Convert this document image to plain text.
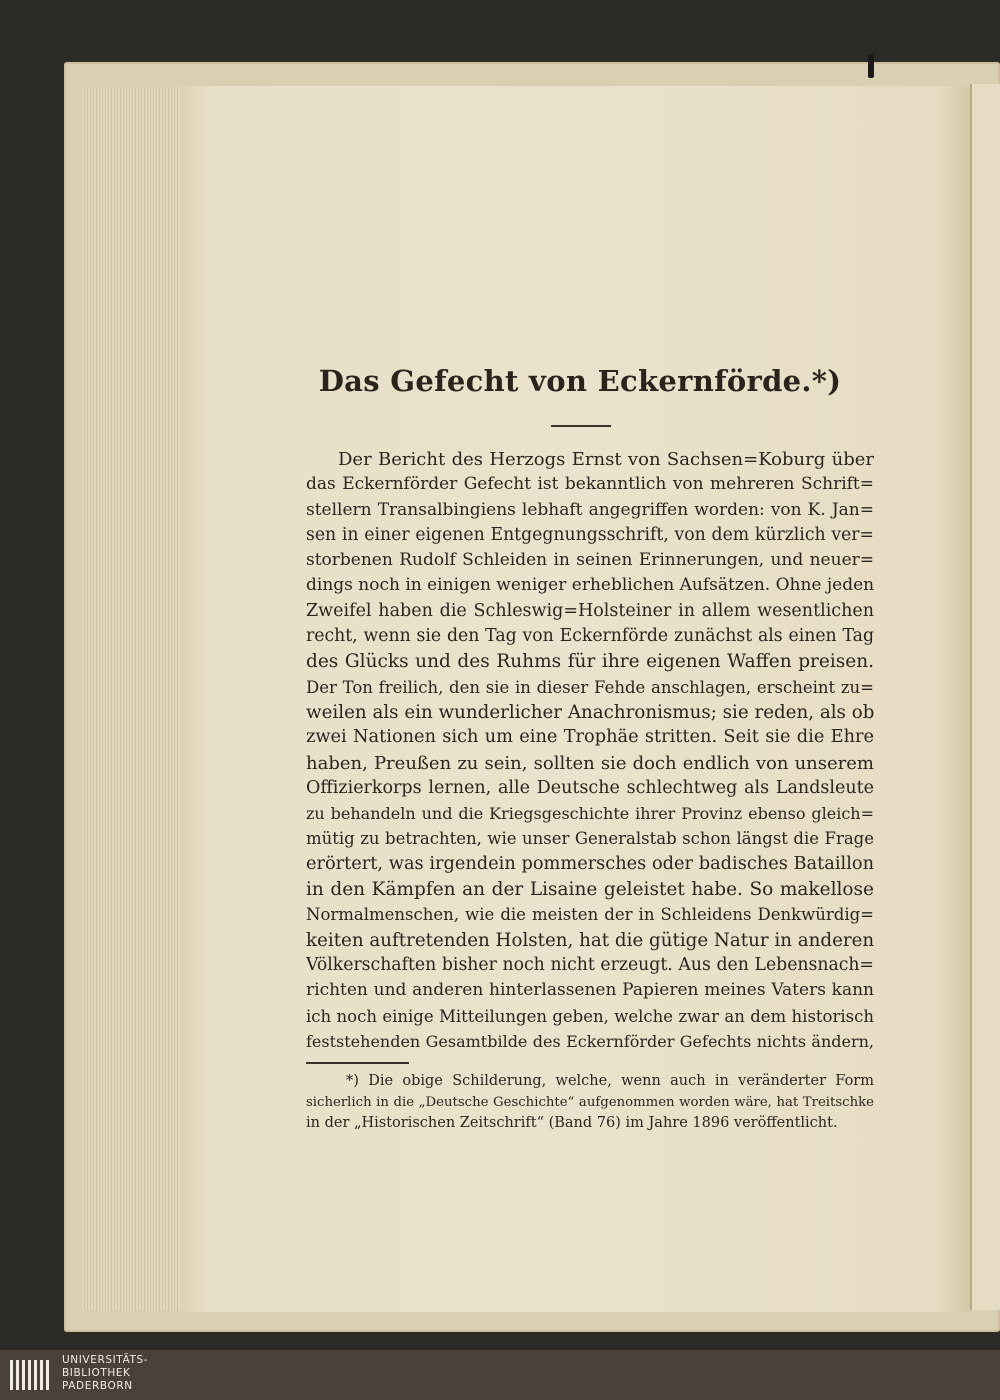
Das Gefecht von Eckernförde.*)
Der Bericht des Herzogs Ernst von Sachsen=Koburg über
das Eckernförder Gefecht ist bekanntlich von mehreren Schrift=
stellern Transalbingiens lebhaft angegriffen worden: von K. Jan=
sen in einer eigenen Entgegnungsschrift, von dem kürzlich ver=
storbenen Rudolf Schleiden in seinen Erinnerungen, und neuer=
dings noch in einigen weniger erheblichen Aufsätzen. Ohne jeden
Zweifel haben die Schleswig=Holsteiner in allem wesentlichen
recht, wenn sie den Tag von Eckernförde zunächst als einen Tag
des Glücks und des Ruhms für ihre eigenen Waffen preisen.
Der Ton freilich, den sie in dieser Fehde anschlagen, erscheint zu=
weilen als ein wunderlicher Anachronismus; sie reden, als ob
zwei Nationen sich um eine Trophäe stritten. Seit sie die Ehre
haben, Preußen zu sein, sollten sie doch endlich von unserem
Offizierkorps lernen, alle Deutsche schlechtweg als Landsleute
zu behandeln und die Kriegsgeschichte ihrer Provinz ebenso gleich=
mütig zu betrachten, wie unser Generalstab schon längst die Frage
erörtert, was irgendein pommersches oder badisches Bataillon
in den Kämpfen an der Lisaine geleistet habe. So makellose
Normalmenschen, wie die meisten der in Schleidens Denkwürdig=
keiten auftretenden Holsten, hat die gütige Natur in anderen
Völkerschaften bisher noch nicht erzeugt. Aus den Lebensnach=
richten und anderen hinterlassenen Papieren meines Vaters kann
ich noch einige Mitteilungen geben, welche zwar an dem historisch
feststehenden Gesamtbilde des Eckernförder Gefechts nichts ändern,
*) Die obige Schilderung, welche, wenn auch in veränderter Form
sicherlich in die „Deutsche Geschichte“ aufgenommen worden wäre, hat Treitschke
in der „Historischen Zeitschrift“ (Band 76) im Jahre 1896 veröffentlicht.
UNIVERSITÄTS-
BIBLIOTHEK
PADERBORN
